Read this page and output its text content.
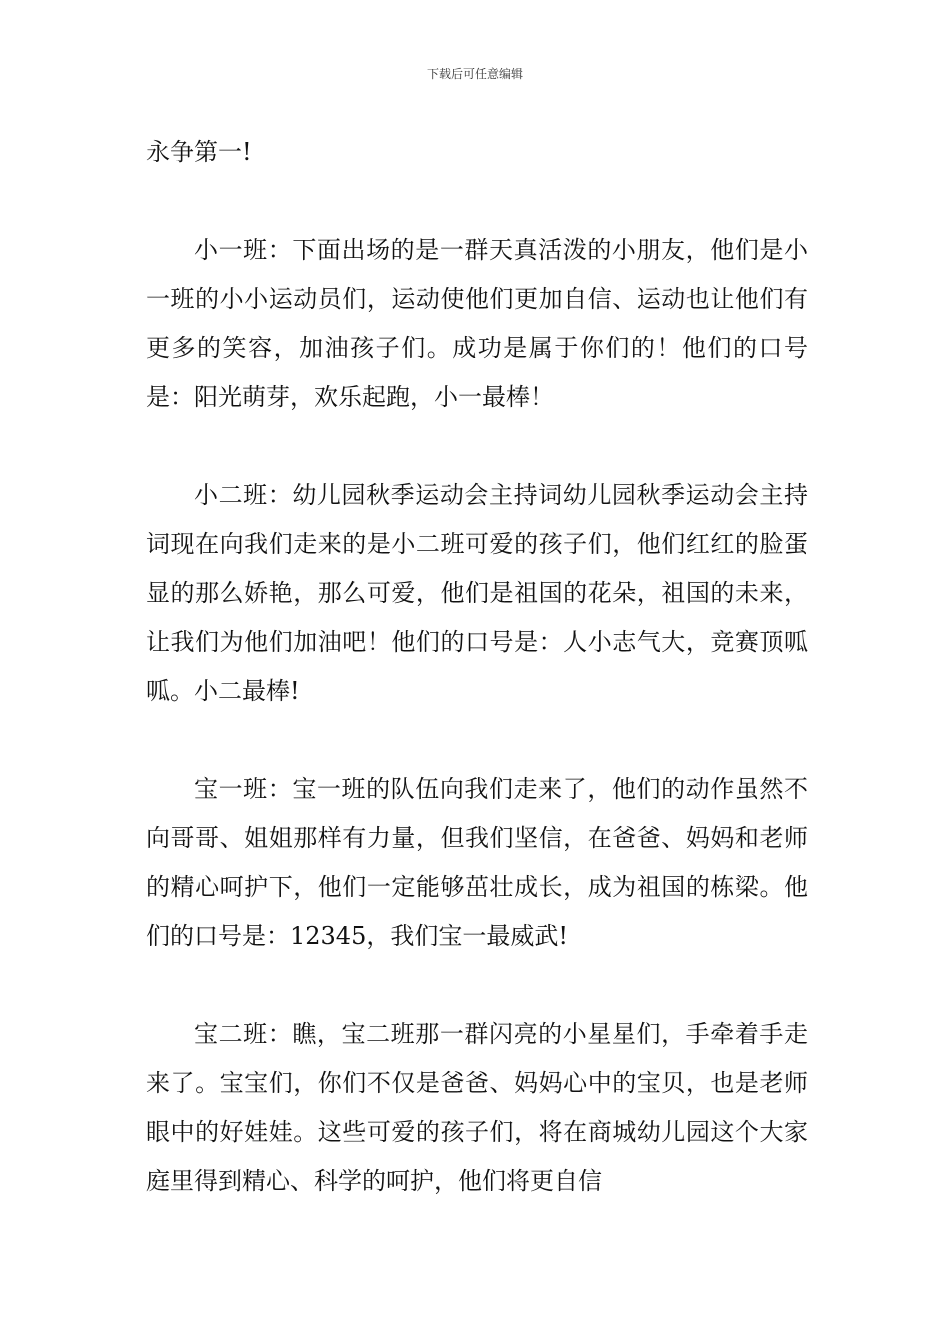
下载后可任意编辑

永争第一!

小一班：下面出场的是一群天真活泼的小朋友，他们是小一班的小小运动员们，运动使他们更加自信、运动也让他们有更多的笑容，加油孩子们。成功是属于你们的！他们的口号是：阳光萌芽，欢乐起跑，小一最棒！

小二班：幼儿园秋季运动会主持词幼儿园秋季运动会主持词现在向我们走来的是小二班可爱的孩子们，他们红红的脸蛋显的那么娇艳，那么可爱，他们是祖国的花朵，祖国的未来，让我们为他们加油吧！他们的口号是：人小志气大，竞赛顶呱呱。小二最棒!

宝一班：宝一班的队伍向我们走来了，他们的动作虽然不向哥哥、姐姐那样有力量，但我们坚信，在爸爸、妈妈和老师的精心呵护下，他们一定能够茁壮成长，成为祖国的栋梁。他们的口号是：12345，我们宝一最威武!

宝二班：瞧，宝二班那一群闪亮的小星星们，手牵着手走来了。宝宝们，你们不仅是爸爸、妈妈心中的宝贝，也是老师眼中的好娃娃。这些可爱的孩子们，将在商城幼儿园这个大家庭里得到精心、科学的呵护，他们将更自信
